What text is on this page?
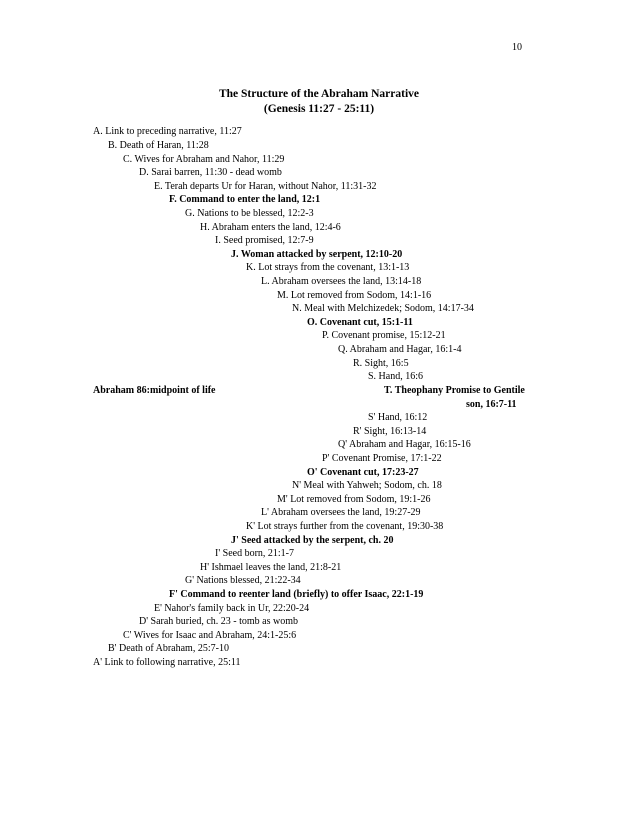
10
The Structure of the Abraham Narrative
(Genesis 11:27 - 25:11)
A. Link to preceding narrative, 11:27
B. Death of Haran, 11:28
C. Wives for Abraham and Nahor, 11:29
D. Sarai barren, 11:30 - dead womb
E. Terah departs Ur for Haran, without Nahor, 11:31-32
F. Command to enter the land, 12:1
G. Nations to be blessed, 12:2-3
H. Abraham enters the land, 12:4-6
I. Seed promised, 12:7-9
J. Woman attacked by serpent, 12:10-20
K. Lot strays from the covenant, 13:1-13
L. Abraham oversees the land, 13:14-18
M. Lot removed from Sodom, 14:1-16
N. Meal with Melchizedek; Sodom, 14:17-34
O. Covenant cut, 15:1-11
P. Covenant promise, 15:12-21
Q. Abraham and Hagar, 16:1-4
R. Sight, 16:5
S. Hand, 16:6
Abraham 86:midpoint of life	T. Theophany Promise to Gentile
son, 16:7-11
S' Hand, 16:12
R' Sight, 16:13-14
Q' Abraham and Hagar, 16:15-16
P' Covenant Promise, 17:1-22
O' Covenant cut, 17:23-27
N' Meal with Yahweh; Sodom, ch. 18
M' Lot removed from Sodom, 19:1-26
L' Abraham oversees the land, 19:27-29
K' Lot strays further from the covenant, 19:30-38
J' Seed attacked by the serpent, ch. 20
I' Seed born, 21:1-7
H' Ishmael leaves the land, 21:8-21
G' Nations blessed, 21:22-34
F' Command to reenter land (briefly) to offer Isaac, 22:1-19
E' Nahor's family back in Ur, 22:20-24
D' Sarah buried, ch. 23 - tomb as womb
C' Wives for Isaac and Abraham, 24:1-25:6
B' Death of Abraham, 25:7-10
A' Link to following narrative, 25:11
